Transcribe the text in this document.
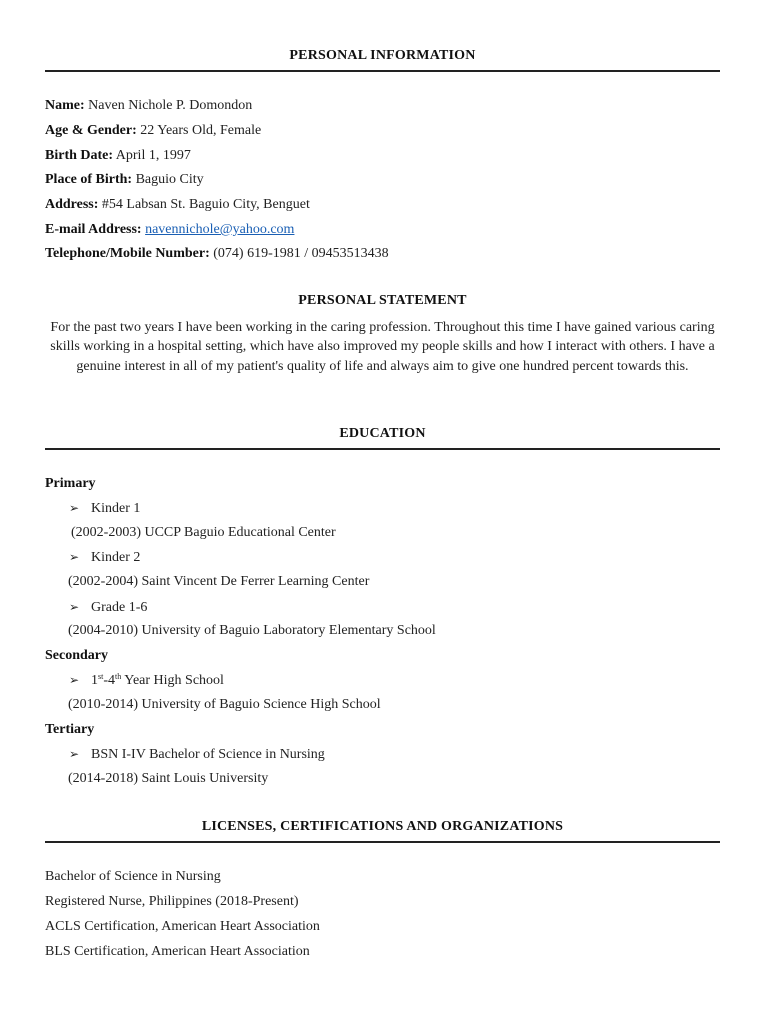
PERSONAL INFORMATION
Name: Naven Nichole P. Domondon
Age & Gender: 22 Years Old, Female
Birth Date: April 1, 1997
Place of Birth: Baguio City
Address: #54 Labsan St. Baguio City, Benguet
E-mail Address: navennichole@yahoo.com
Telephone/Mobile Number: (074) 619-1981 / 09453513438
PERSONAL STATEMENT
For the past two years I have been working in the caring profession. Throughout this time I have gained various caring skills working in a hospital setting, which have also improved my people skills and how I interact with others. I have a genuine interest in all of my patient's quality of life and always aim to give one hundred percent towards this.
EDUCATION
Primary
➢ Kinder 1
(2002-2003) UCCP Baguio Educational Center
➢ Kinder 2
(2002-2004) Saint Vincent De Ferrer Learning Center
➢ Grade 1-6
(2004-2010) University of Baguio Laboratory Elementary School
Secondary
➢ 1st-4th Year High School
(2010-2014) University of Baguio Science High School
Tertiary
➢ BSN I-IV Bachelor of Science in Nursing
(2014-2018) Saint Louis University
LICENSES, CERTIFICATIONS AND ORGANIZATIONS
Bachelor of Science in Nursing
Registered Nurse, Philippines (2018-Present)
ACLS Certification, American Heart Association
BLS Certification, American Heart Association
